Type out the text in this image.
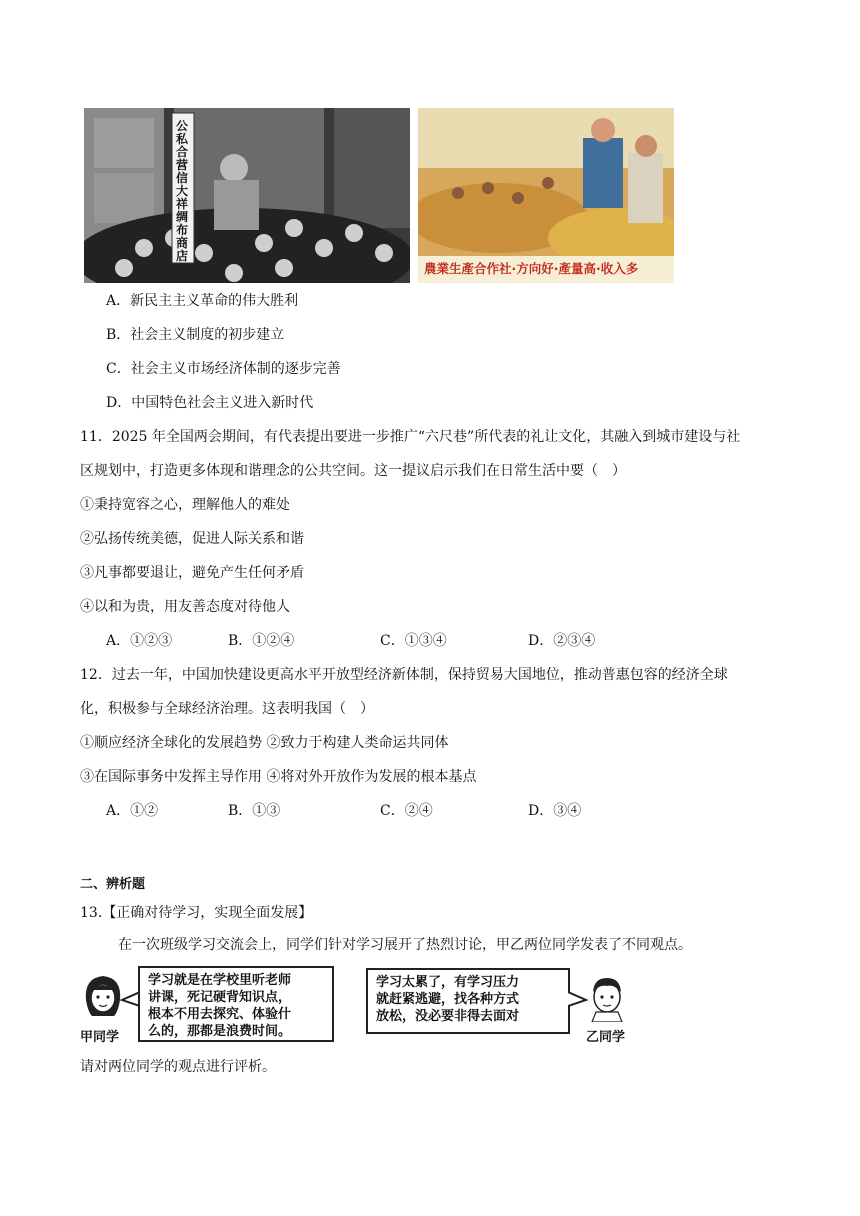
公私合营信大祥绸布商店
農業生產合作社·方向好·產量高·收入多
A．新民主主义革命的伟大胜利
B．社会主义制度的初步建立
C．社会主义市场经济体制的逐步完善
D．中国特色社会主义进入新时代
11．2025 年全国两会期间，有代表提出要进一步推广“六尺巷”所代表的礼让文化，其融入到城市建设与社
区规划中，打造更多体现和谐理念的公共空间。这一提议启示我们在日常生活中要（　）
①秉持宽容之心，理解他人的难处
②弘扬传统美德，促进人际关系和谐
③凡事都要退让，避免产生任何矛盾
④以和为贵，用友善态度对待他人
A．①②③	B．①②④	C．①③④	D．②③④
12．过去一年，中国加快建设更高水平开放型经济新体制，保持贸易大国地位，推动普惠包容的经济全球
化，积极参与全球经济治理。这表明我国（　）
①顺应经济全球化的发展趋势 ②致力于构建人类命运共同体
③在国际事务中发挥主导作用 ④将对外开放作为发展的根本基点
A．①②	B．①③	C．②④	D．③④
二、辨析题
13.【正确对待学习，实现全面发展】
在一次班级学习交流会上，同学们针对学习展开了热烈讨论，甲乙两位同学发表了不同观点。
甲同学
学习就是在学校里听老师
讲课，死记硬背知识点，
根本不用去探究、体验什
么的，那都是浪费时间。
学习太累了，有学习压力
就赶紧逃避，找各种方式
放松，没必要非得去面对
乙同学
请对两位同学的观点进行评析。
